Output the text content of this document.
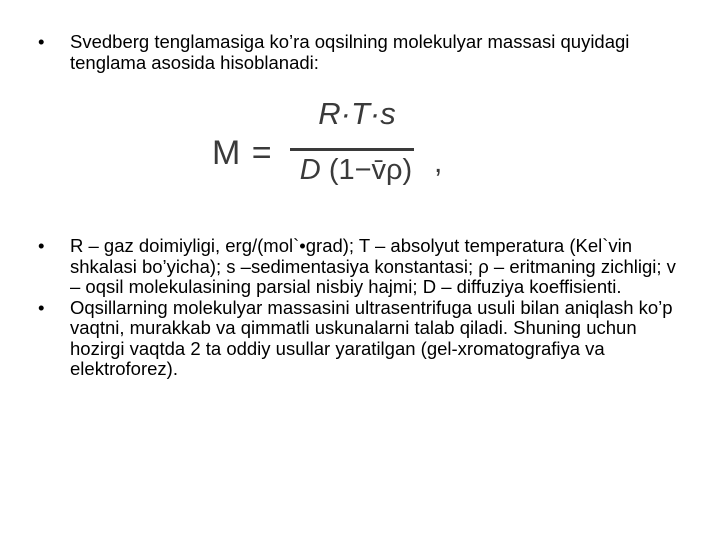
•	Svedberg tenglamasiga ko’ra oqsilning molekulyar massasi quyidagi tenglama asosida hisoblanadi:
M =
R·T·s
D (1−v̄ρ) ,
•	R – gaz doimiyligi, erg/(mol`•grad); T – absolyut temperatura (Kel`vin shkalasi bo’yicha); s –sedimentasiya konstantasi; ρ – eritmaning zichligi; v – oqsil molekulasining parsial nisbiy hajmi; D – diffuziya koeffisienti.
•	Oqsillarning molekulyar massasini ultrasentrifuga usuli bilan aniqlash ko’p vaqtni, murakkab va qimmatli uskunalarni talab qiladi. Shuning uchun hozirgi vaqtda 2 ta oddiy usullar yaratilgan (gel-xromatografiya va elektroforez).
